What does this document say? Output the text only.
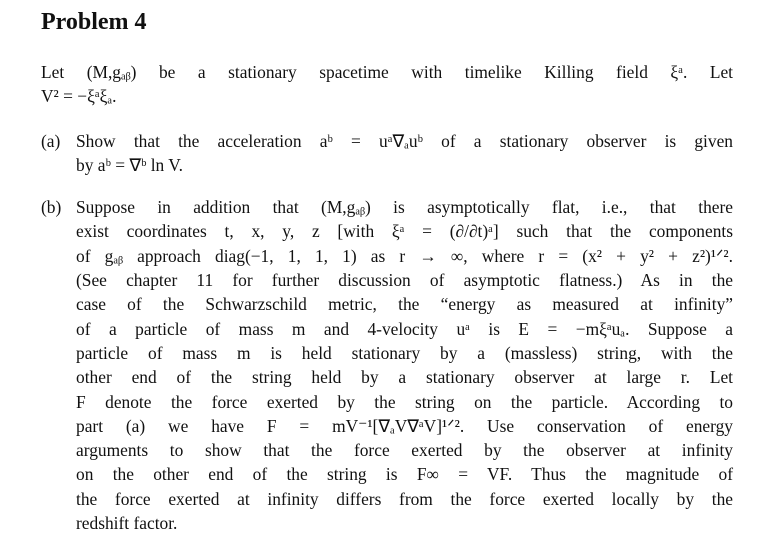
Problem 4
Let (M,gₐᵦ) be a stationary spacetime with timelike Killing field ξᵃ. Let
V² = −ξᵃξₐ.
(a) Show that the acceleration aᵇ = uᵃ∇ₐuᵇ of a stationary observer is given
by aᵇ = ∇ᵇ ln V.
(b) Suppose in addition that (M,gₐᵦ) is asymptotically flat, i.e., that there
exist coordinates t, x, y, z [with ξᵃ = (∂/∂t)ᵃ] such that the components
of gₐᵦ approach diag(−1, 1, 1, 1) as r → ∞, where r = (x² + y² + z²)¹ᐟ².
(See chapter 11 for further discussion of asymptotic flatness.) As in the
case of the Schwarzschild metric, the “energy as measured at infinity”
of a particle of mass m and 4-velocity uᵃ is E = −mξᵃuₐ. Suppose a
particle of mass m is held stationary by a (massless) string, with the
other end of the string held by a stationary observer at large r. Let
F denote the force exerted by the string on the particle. According to
part (a) we have F = mV⁻¹[∇ₐV∇ᵃV]¹ᐟ². Use conservation of energy
arguments to show that the force exerted by the observer at infinity
on the other end of the string is F∞ = VF. Thus the magnitude of
the force exerted at infinity differs from the force exerted locally by the
redshift factor.
